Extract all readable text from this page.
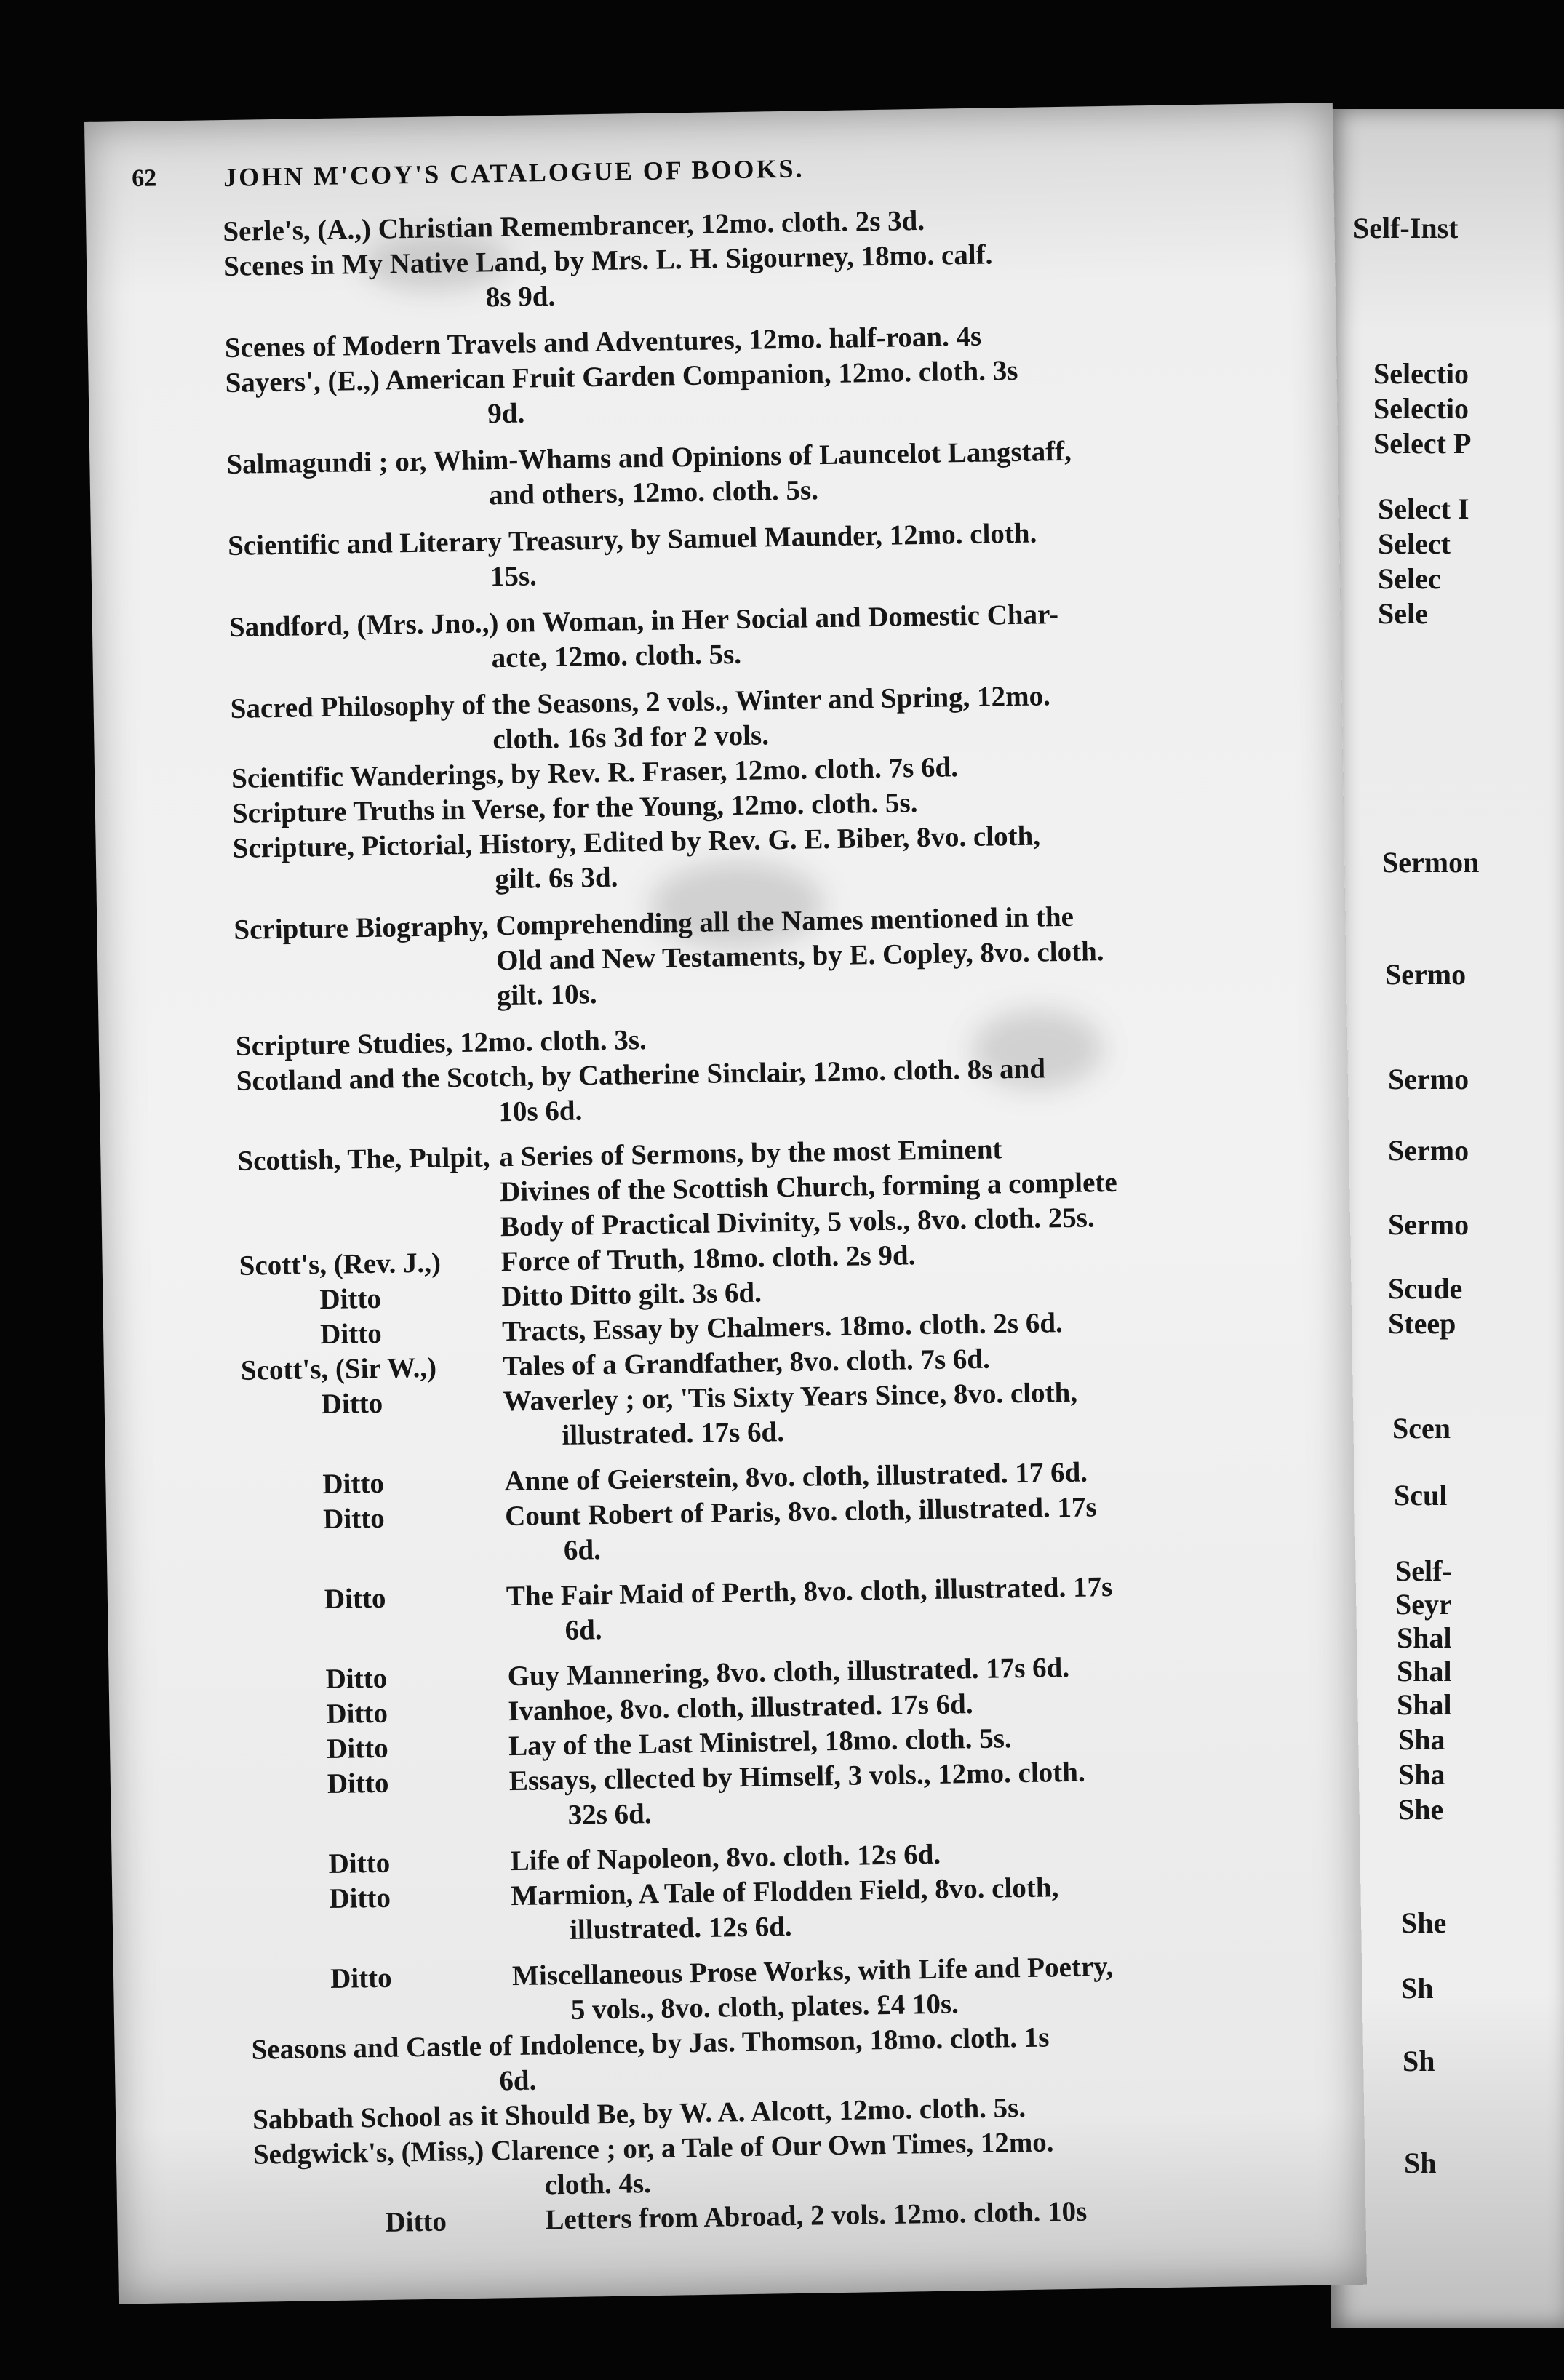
Self-Inst
Selectio
Selectio
Select P
Select I
Select
Selec
Sele
Sermon
Sermo
Sermo
Sermo
Sermo
Scude
Steep
Scen
Scul
Self-
Seyr
Shal
Shal
Shal
Sha
Sha
She
She
Sh
Sh
Sh
62	JOHN M'COY'S CATALOGUE OF BOOKS.
Serle's, (A.,) Christian Remembrancer, 12mo. cloth. 2s 3d.
Scenes in My Native Land, by Mrs. L. H. Sigourney, 18mo. calf.
8s 9d.
Scenes of Modern Travels and Adventures, 12mo. half-roan. 4s
Sayers', (E.,) American Fruit Garden Companion, 12mo. cloth. 3s
9d.
Salmagundi ; or, Whim-Whams and Opinions of Launcelot Langstaff,
and others, 12mo. cloth. 5s.
Scientific and Literary Treasury, by Samuel Maunder, 12mo. cloth.
15s.
Sandford, (Mrs. Jno.,) on Woman, in Her Social and Domestic Char-
acte, 12mo. cloth. 5s.
Sacred Philosophy of the Seasons, 2 vols., Winter and Spring, 12mo.
cloth. 16s 3d for 2 vols.
Scientific Wanderings, by Rev. R. Fraser, 12mo. cloth. 7s 6d.
Scripture Truths in Verse, for the Young, 12mo. cloth. 5s.
Scripture, Pictorial, History, Edited by Rev. G. E. Biber, 8vo. cloth,
gilt. 6s 3d.
Scripture Biography, Comprehending all the Names mentioned in the
Old and New Testaments, by E. Copley, 8vo. cloth.
gilt. 10s.
Scripture Studies, 12mo. cloth. 3s.
Scotland and the Scotch, by Catherine Sinclair, 12mo. cloth. 8s and
10s 6d.
Scottish, The, Pulpit, a Series of Sermons, by the most Eminent
Divines of the Scottish Church, forming a complete
Body of Practical Divinity, 5 vols., 8vo. cloth. 25s.
Scott's, (Rev. J.,)	Force of Truth, 18mo. cloth. 2s 9d.
Ditto	Ditto Ditto gilt. 3s 6d.
Ditto	Tracts, Essay by Chalmers. 18mo. cloth. 2s 6d.
Scott's, (Sir W.,)	Tales of a Grandfather, 8vo. cloth. 7s 6d.
Ditto	Waverley ; or, 'Tis Sixty Years Since, 8vo. cloth,
illustrated. 17s 6d.
Ditto	Anne of Geierstein, 8vo. cloth, illustrated. 17 6d.
Ditto	Count Robert of Paris, 8vo. cloth, illustrated. 17s
6d.
Ditto	The Fair Maid of Perth, 8vo. cloth, illustrated. 17s
6d.
Ditto	Guy Mannering, 8vo. cloth, illustrated. 17s 6d.
Ditto	Ivanhoe, 8vo. cloth, illustrated. 17s 6d.
Ditto	Lay of the Last Ministrel, 18mo. cloth. 5s.
Ditto	Essays, cllected by Himself, 3 vols., 12mo. cloth.
32s 6d.
Ditto	Life of Napoleon, 8vo. cloth. 12s 6d.
Ditto	Marmion, A Tale of Flodden Field, 8vo. cloth,
illustrated. 12s 6d.
Ditto	Miscellaneous Prose Works, with Life and Poetry,
5 vols., 8vo. cloth, plates. £4 10s.
Seasons and Castle of Indolence, by Jas. Thomson, 18mo. cloth. 1s
6d.
Sabbath School as it Should Be, by W. A. Alcott, 12mo. cloth. 5s.
Sedgwick's, (Miss,) Clarence ; or, a Tale of Our Own Times, 12mo.
cloth. 4s.
Ditto	Letters from Abroad, 2 vols. 12mo. cloth. 10s
